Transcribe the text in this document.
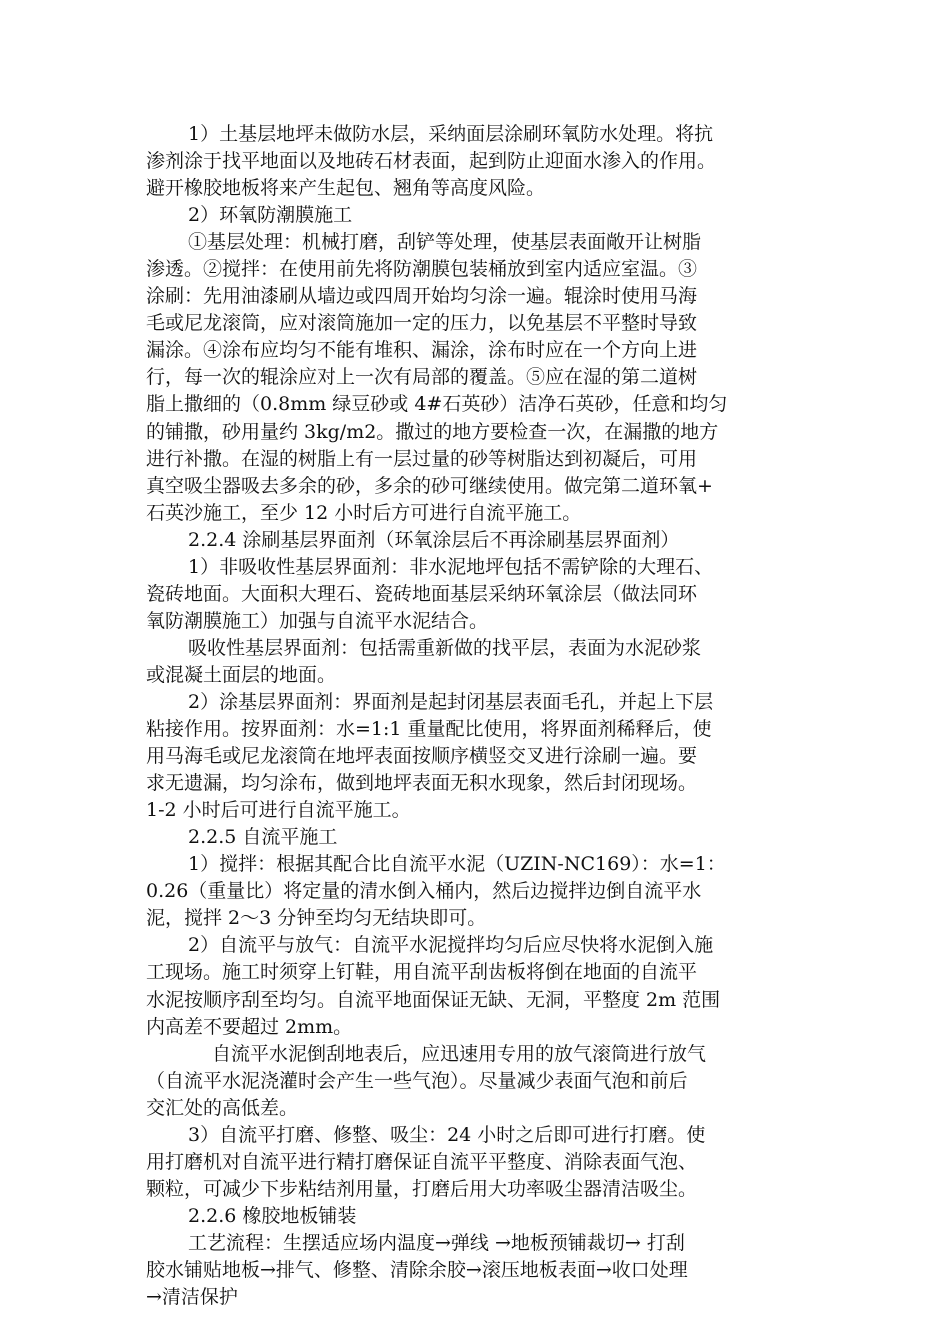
1）土基层地坪未做防水层，采纳面层涂刷环氧防水处理。将抗
渗剂涂于找平地面以及地砖石材表面，起到防止迎面水渗入的作用。
避开橡胶地板将来产生起包、翘角等高度风险。
2）环氧防潮膜施工
①基层处理：机械打磨，刮铲等处理，使基层表面敞开让树脂
渗透。②搅拌：在使用前先将防潮膜包装桶放到室内适应室温。③
涂刷：先用油漆刷从墙边或四周开始均匀涂一遍。辊涂时使用马海
毛或尼龙滚筒，应对滚筒施加一定的压力，以免基层不平整时导致
漏涂。④涂布应均匀不能有堆积、漏涂，涂布时应在一个方向上进
行，每一次的辊涂应对上一次有局部的覆盖。⑤应在湿的第二道树
脂上撒细的（0.8mm 绿豆砂或 4#石英砂）洁净石英砂，任意和均匀
的铺撒，砂用量约 3kg/m2。撒过的地方要检查一次，在漏撒的地方
进行补撒。在湿的树脂上有一层过量的砂等树脂达到初凝后，可用
真空吸尘器吸去多余的砂，多余的砂可继续使用。做完第二道环氧+
石英沙施工，至少 12 小时后方可进行自流平施工。
2.2.4 涂刷基层界面剂（环氧涂层后不再涂刷基层界面剂）
1）非吸收性基层界面剂：非水泥地坪包括不需铲除的大理石、
瓷砖地面。大面积大理石、瓷砖地面基层采纳环氧涂层（做法同环
氧防潮膜施工）加强与自流平水泥结合。
吸收性基层界面剂：包括需重新做的找平层，表面为水泥砂浆
或混凝土面层的地面。
2）涂基层界面剂：界面剂是起封闭基层表面毛孔，并起上下层
粘接作用。按界面剂：水=1:1 重量配比使用，将界面剂稀释后，使
用马海毛或尼龙滚筒在地坪表面按顺序横竖交叉进行涂刷一遍。要
求无遗漏，均匀涂布，做到地坪表面无积水现象，然后封闭现场。
1-2 小时后可进行自流平施工。
2.2.5 自流平施工
1）搅拌：根据其配合比自流平水泥（UZIN-NC169）：水=1：
0.26（重量比）将定量的清水倒入桶内，然后边搅拌边倒自流平水
泥，搅拌 2～3 分钟至均匀无结块即可。
2）自流平与放气：自流平水泥搅拌均匀后应尽快将水泥倒入施
工现场。施工时须穿上钉鞋，用自流平刮齿板将倒在地面的自流平
水泥按顺序刮至均匀。自流平地面保证无缺、无洞，平整度 2m 范围
内高差不要超过 2mm。
自流平水泥倒刮地表后，应迅速用专用的放气滚筒进行放气
（自流平水泥浇灌时会产生一些气泡）。尽量减少表面气泡和前后
交汇处的高低差。
3）自流平打磨、修整、吸尘：24 小时之后即可进行打磨。使
用打磨机对自流平进行精打磨保证自流平平整度、消除表面气泡、
颗粒，可减少下步粘结剂用量，打磨后用大功率吸尘器清洁吸尘。
2.2.6 橡胶地板铺装
工艺流程：生摆适应场内温度→弹线 →地板预铺裁切→ 打刮
胶水铺贴地板→排气、修整、清除余胶→滚压地板表面→收口处理
→清洁保护
